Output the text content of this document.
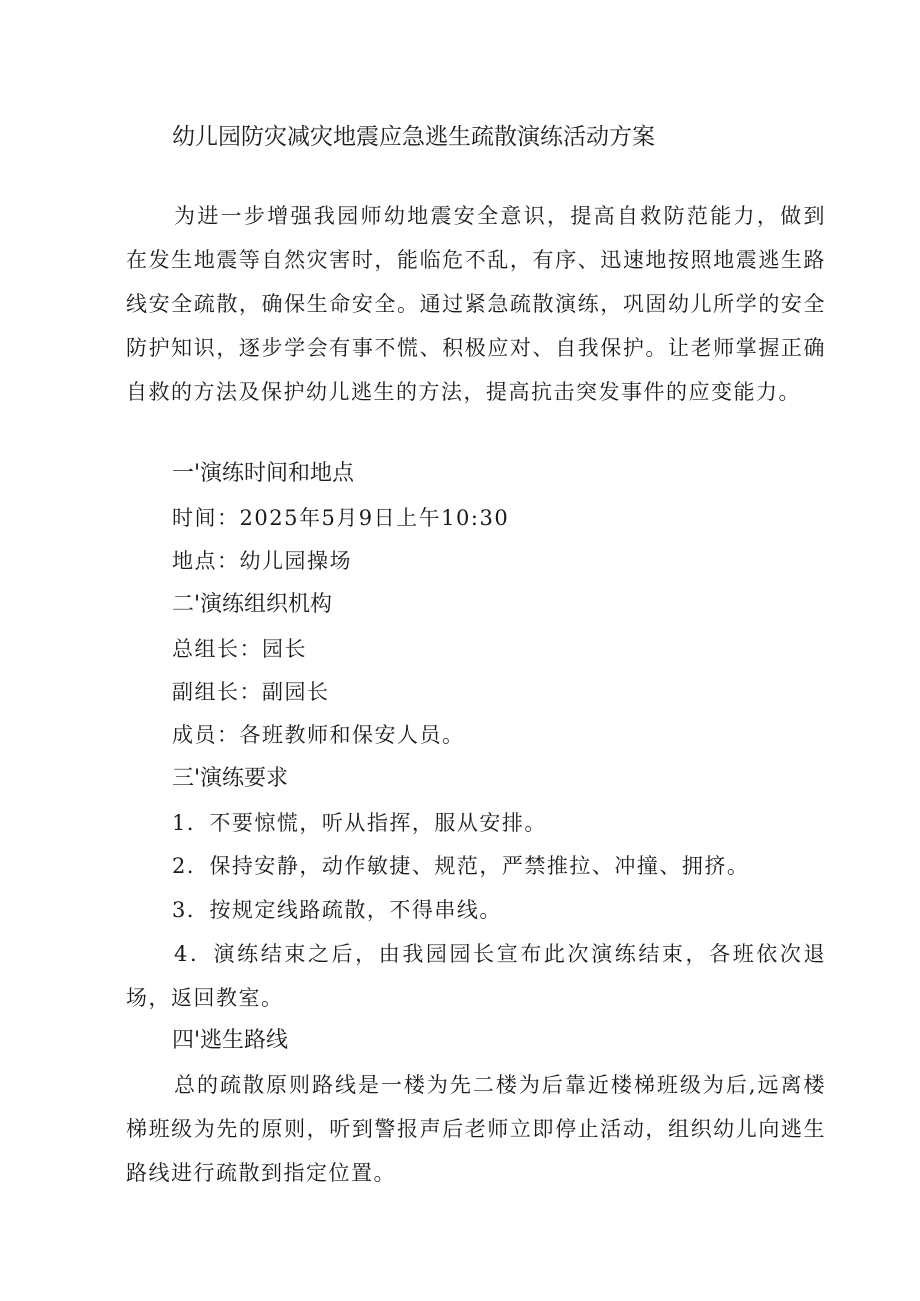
幼儿园防灾减灾地震应急逃生疏散演练活动方案

为进一步增强我园师幼地震安全意识，提高自救防范能力，做到在发生地震等自然灾害时，能临危不乱，有序、迅速地按照地震逃生路线安全疏散，确保生命安全。通过紧急疏散演练，巩固幼儿所学的安全防护知识，逐步学会有事不慌、积极应对、自我保护。让老师掌握正确自救的方法及保护幼儿逃生的方法，提高抗击突发事件的应变能力。

一'演练时间和地点

时间：2025年5月9日上午10:30

地点：幼儿园操场

二'演练组织机构

总组长：园长

副组长：副园长

成员：各班教师和保安人员。

三'演练要求

1．不要惊慌，听从指挥，服从安排。

2．保持安静，动作敏捷、规范，严禁推拉、冲撞、拥挤。

3．按规定线路疏散，不得串线。

4．演练结束之后，由我园园长宣布此次演练结束，各班依次退场，返回教室。

四'逃生路线

总的疏散原则路线是一楼为先二楼为后靠近楼梯班级为后,远离楼梯班级为先的原则，听到警报声后老师立即停止活动，组织幼儿向逃生路线进行疏散到指定位置。
